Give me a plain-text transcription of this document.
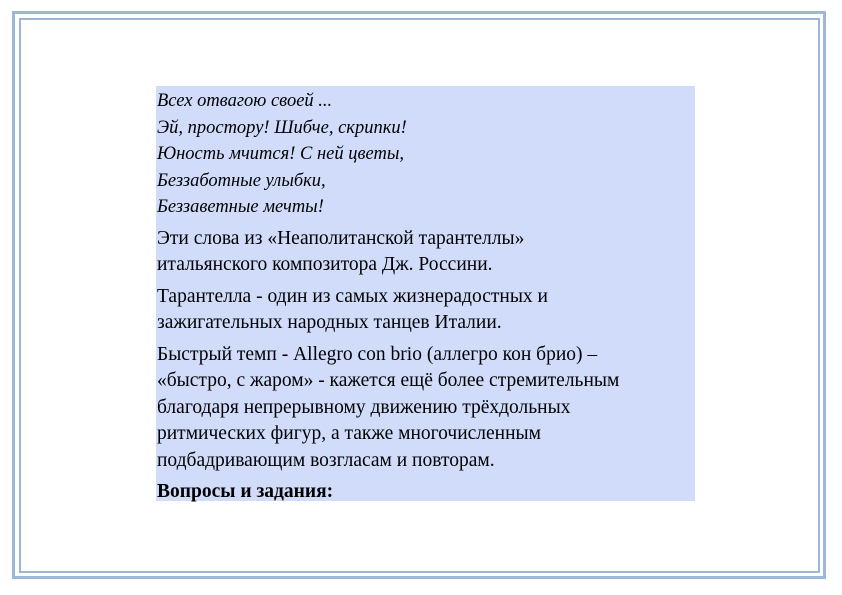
Всех отвагою своей ...
Эй, простору! Шибче, скрипки!
Юность мчится! С ней цветы,
Беззаботные улыбки,
Беззаветные мечты!
Эти слова из «Неаполитанской тарантеллы»
итальянского композитора Дж. Россини.
Тарантелла - один из самых жизнерадостных и
зажигательных народных танцев Италии.
Быстрый темп - Allegro con brio (аллегро кон брио) –
«быстро, с жаром» - кажется ещё более стремительным
благодаря непрерывному движению трёхдольных
ритмических фигур, а также многочисленным
подбадривающим возгласам и повторам.
Вопросы и задания:
